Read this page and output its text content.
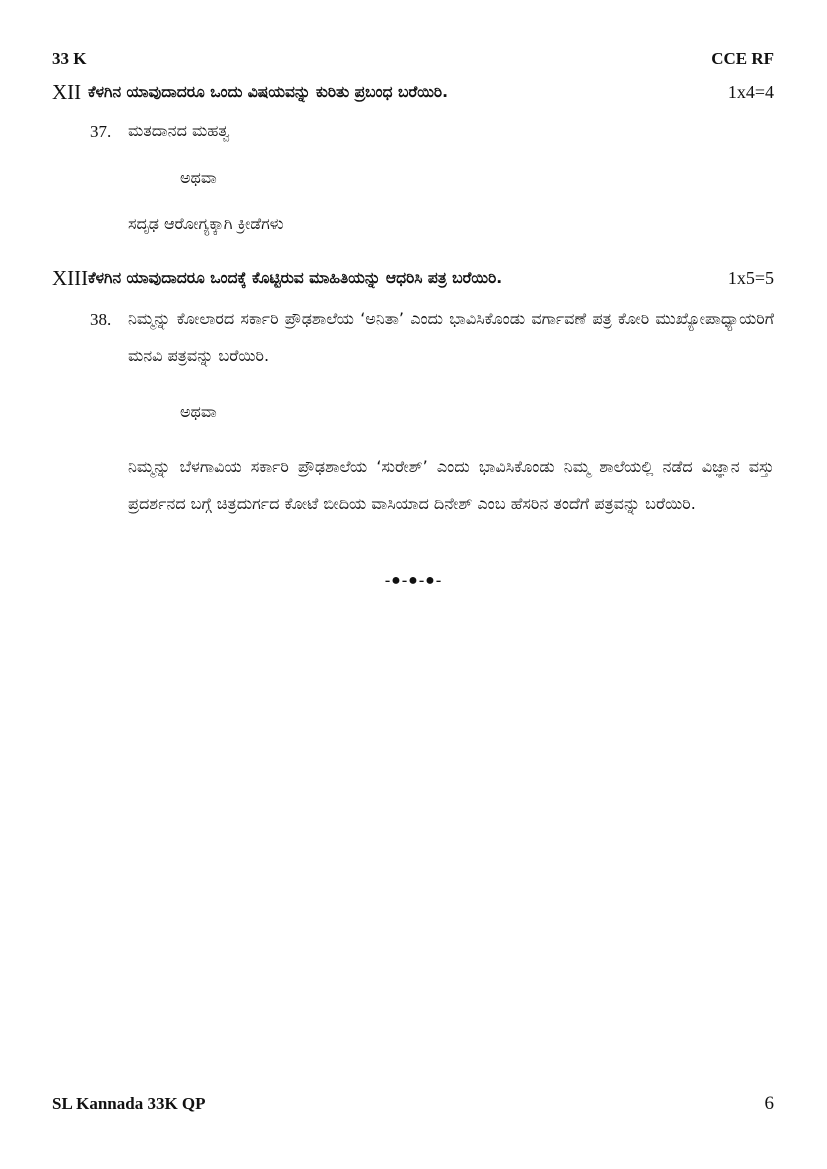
33 K	CCE RF
XII ಕೆಳಗಿನ ಯಾವುದಾದರೂ ಒಂದು ವಿಷಯವನ್ನು ಕುರಿತು ಪ್ರಬಂಧ ಬರೆಯಿರಿ.	1x4=4
37. ಮತದಾನದ ಮಹತ್ವ
ಅಥವಾ
ಸದೃಢ ಆರೋಗ್ಯಕ್ಕಾಗಿ ಕ್ರೀಡೆಗಳು
XIII ಕೆಳಗಿನ ಯಾವುದಾದರೂ ಒಂದಕ್ಕೆ ಕೊಟ್ಟಿರುವ ಮಾಹಿತಿಯನ್ನು ಆಧರಿಸಿ ಪತ್ರ ಬರೆಯಿರಿ.	1x5=5
38. ನಿಮ್ಮನ್ನು ಕೋಲಾರದ ಸರ್ಕಾರಿ ಪ್ರೌಢಶಾಲೆಯ ‘ಅನಿತಾ’ ಎಂದು ಭಾವಿಸಿಕೊಂಡು ವರ್ಗಾವಣೆ ಪತ್ರ ಕೋರಿ ಮುಖ್ಯೋಪಾಧ್ಯಾಯರಿಗೆ ಮನವಿ ಪತ್ರವನ್ನು ಬರೆಯಿರಿ.
ಅಥವಾ
ನಿಮ್ಮನ್ನು ಬೆಳಗಾವಿಯ ಸರ್ಕಾರಿ ಪ್ರೌಢಶಾಲೆಯ ‘ಸುರೇಶ್’ ಎಂದು ಭಾವಿಸಿಕೊಂಡು ನಿಮ್ಮ ಶಾಲೆಯಲ್ಲಿ ನಡೆದ ವಿಜ್ಞಾನ ವಸ್ತು ಪ್ರದರ್ಶನದ ಬಗ್ಗೆ ಚಿತ್ರದುರ್ಗದ ಕೋಟೆ ಬೀದಿಯ ವಾಸಿಯಾದ ದಿನೇಶ್ ಎಂಬ ಹೆಸರಿನ ತಂದೆಗೆ ಪತ್ರವನ್ನು ಬರೆಯಿರಿ.
-●-●-●-
SL Kannada 33K QP	6
